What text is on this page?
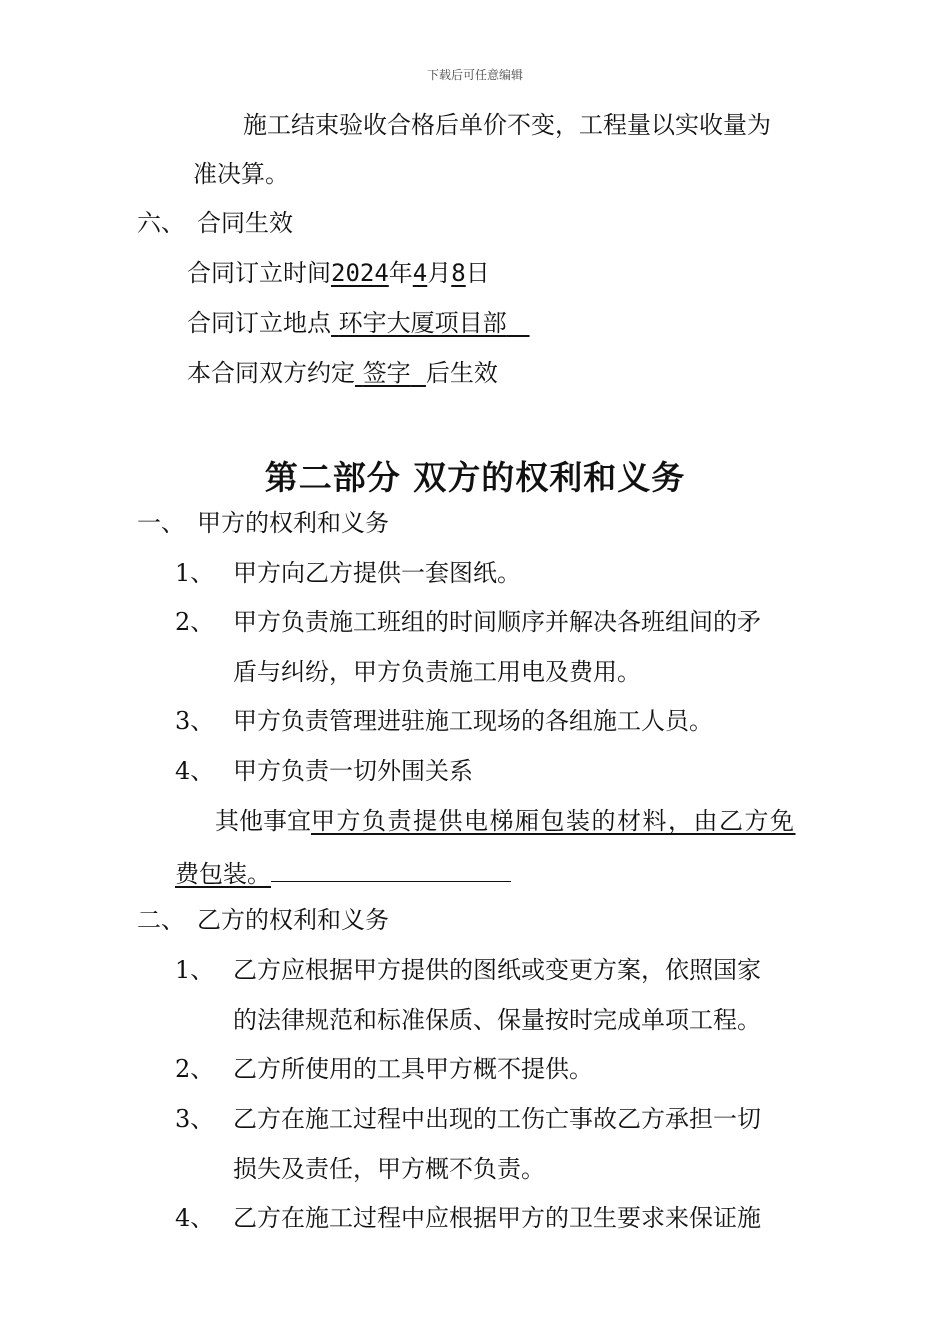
下载后可任意编辑
施工结束验收合格后单价不变，工程量以实收量为
准决算。
六、 合同生效
合同订立时间2024年4月8日
合同订立地点 环宇大厦项目部
本合同双方约定 签字 后生效
第二部分 双方的权利和义务
一、 甲方的权利和义务
1、 甲方向乙方提供一套图纸。
2、 甲方负责施工班组的时间顺序并解决各班组间的矛
盾与纠纷，甲方负责施工用电及费用。
3、 甲方负责管理进驻施工现场的各组施工人员。
4、 甲方负责一切外围关系
其他事宜甲方负责提供电梯厢包装的材料，由乙方免
费包装。
二、 乙方的权利和义务
1、 乙方应根据甲方提供的图纸或变更方案，依照国家
的法律规范和标准保质、保量按时完成单项工程。
2、 乙方所使用的工具甲方概不提供。
3、 乙方在施工过程中出现的工伤亡事故乙方承担一切
损失及责任，甲方概不负责。
4、 乙方在施工过程中应根据甲方的卫生要求来保证施
